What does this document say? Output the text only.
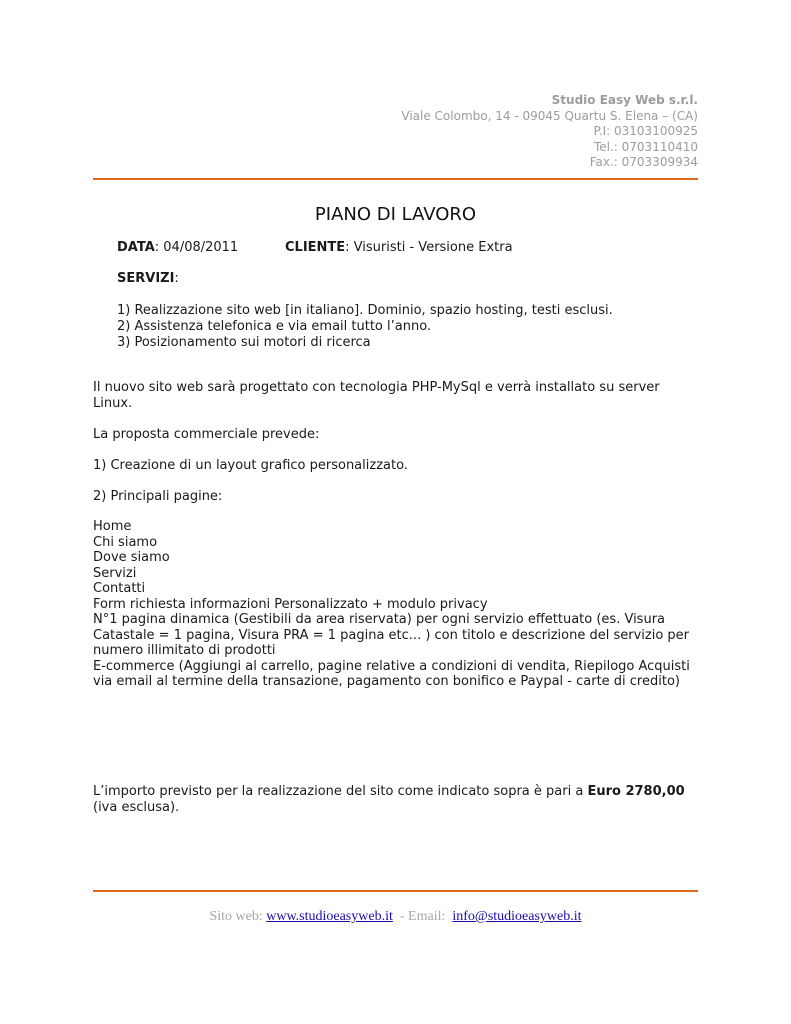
Studio Easy Web s.r.l.
Viale Colombo, 14 - 09045 Quartu S. Elena – (CA)
P.I: 03103100925
Tel.: 0703110410
Fax.: 0703309934
PIANO DI LAVORO
DATA: 04/08/2011	CLIENTE: Visuristi - Versione Extra
SERVIZI:
1) Realizzazione sito web [in italiano]. Dominio, spazio hosting, testi esclusi.
2) Assistenza telefonica e via email tutto l’anno.
3) Posizionamento sui motori di ricerca

Il nuovo sito web sarà progettato con tecnologia PHP-MySql e verrà installato su server Linux.

La proposta commerciale prevede:

1) Creazione di un layout grafico personalizzato.

2) Principali pagine:

Home
Chi siamo
Dove siamo
Servizi
Contatti
Form richiesta informazioni Personalizzato + modulo privacy
N°1 pagina dinamica (Gestibili da area riservata) per ogni servizio effettuato (es. Visura Catastale = 1 pagina, Visura PRA = 1 pagina etc... ) con titolo e descrizione del servizio per numero illimitato di prodotti
E-commerce (Aggiungi al carrello, pagine relative a condizioni di vendita, Riepilogo Acquisti via email al termine della transazione, pagamento con bonifico e Paypal - carte di credito)

L’importo previsto per la realizzazione del sito come indicato sopra è pari a Euro 2780,00
(iva esclusa).

Sito web: www.studioeasyweb.it  - Email:  info@studioeasyweb.it
